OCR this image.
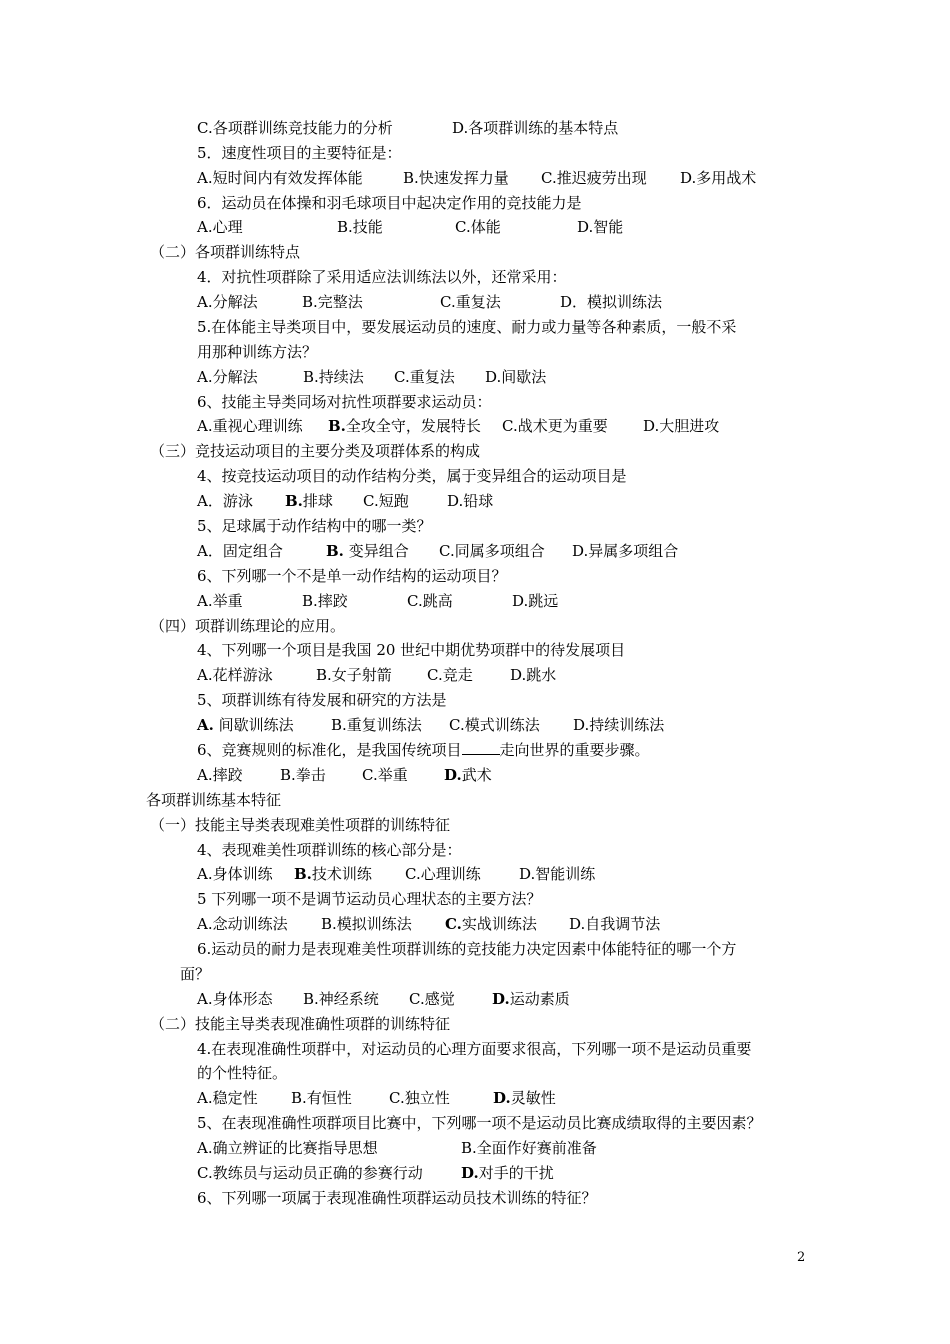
C.各项群训练竞技能力的分析	D.各项群训练的基本特点
5．速度性项目的主要特征是：
A.短时间内有效发挥体能	B.快速发挥力量 C.推迟疲劳出现 D.多用战术
6．运动员在体操和羽毛球项目中起决定作用的竞技能力是
A.心理	B.技能	C.体能	D.智能
（二）各项群训练特点
4．对抗性项群除了采用适应法训练法以外，还常采用：
A.分解法	B.完整法	C.重复法	D．模拟训练法
5.在体能主导类项目中，要发展运动员的速度、耐力或力量等各种素质，一般不采
用那种训练方法？
A.分解法	B.持续法 C.重复法 D.间歇法
6、技能主导类同场对抗性项群要求运动员：
A.重视心理训练 B.全攻全守，发展特长 C.战术更为重要 D.大胆进攻
（三）竞技运动项目的主要分类及项群体系的构成
4、按竞技运动项目的动作结构分类，属于变异组合的运动项目是
A．游泳 B.排球 C.短跑	D.铅球
5、足球属于动作结构中的哪一类？
A．固定组合	B. 变异组合 C.同属多项组合 D.异属多项组合
6、下列哪一个不是单一动作结构的运动项目？
A.举重	B.摔跤	C.跳高	D.跳远
（四）项群训练理论的应用。
4、下列哪一个项目是我国 20 世纪中期优势项群中的待发展项目
A.花样游泳	B.女子射箭 C.竞走 D.跳水
5、项群训练有待发展和研究的方法是
A. 间歇训练法 B.重复训练法 C.模式训练法 D.持续训练法
6、竞赛规则的标准化，是我国传统项目	走向世界的重要步骤。
A.摔跤 B.拳击 C.举重 D.武术
各项群训练基本特征
（一）技能主导类表现难美性项群的训练特征
4、表现难美性项群训练的核心部分是：
A.身体训练 B.技术训练 C.心理训练	D.智能训练
5 下列哪一项不是调节运动员心理状态的主要方法？
A.念动训练法 B.模拟训练法 C.实战训练法 D.自我调节法
6.运动员的耐力是表现难美性项群训练的竞技能力决定因素中体能特征的哪一个方
面？
A.身体形态 B.神经系统 C.感觉 D.运动素质
（二）技能主导类表现准确性项群的训练特征
4.在表现准确性项群中，对运动员的心理方面要求很高，下列哪一项不是运动员重要
的个性特征。
A.稳定性 B.有恒性 C.独立性	D.灵敏性
5、在表现准确性项群项目比赛中，下列哪一项不是运动员比赛成绩取得的主要因素？
A.确立辨证的比赛指导思想	B.全面作好赛前准备
C.教练员与运动员正确的参赛行动	D.对手的干扰
6、下列哪一项属于表现准确性项群运动员技术训练的特征？
2
